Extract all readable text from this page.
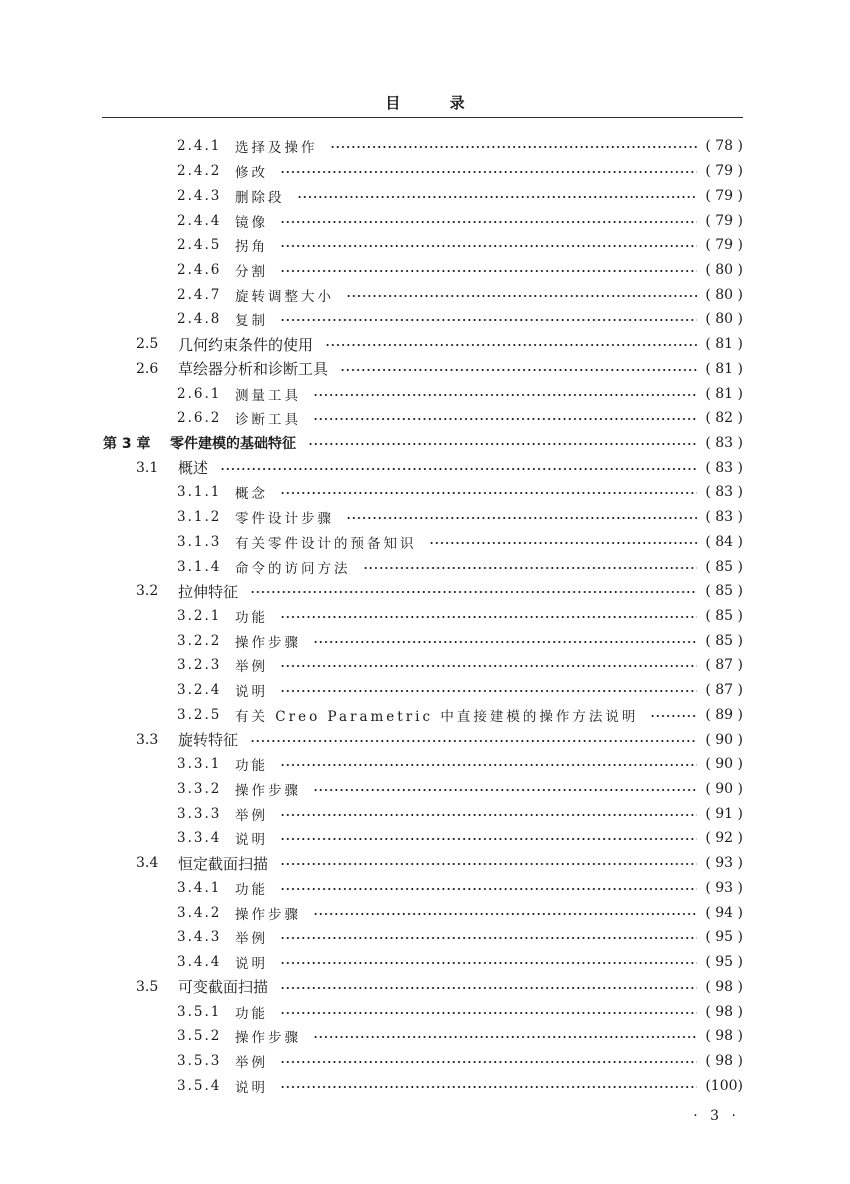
目 录
2.4.1 选择及操作	( 78 )
2.4.2 修改	( 79 )
2.4.3 删除段	( 79 )
2.4.4 镜像	( 79 )
2.4.5 拐角	( 79 )
2.4.6 分割	( 80 )
2.4.7 旋转调整大小	( 80 )
2.4.8 复制	( 80 )
2.5 几何约束条件的使用	( 81 )
2.6 草绘器分析和诊断工具	( 81 )
2.6.1 测量工具	( 81 )
2.6.2 诊断工具	( 82 )
第 3 章 零件建模的基础特征	( 83 )
3.1 概述	( 83 )
3.1.1 概念	( 83 )
3.1.2 零件设计步骤	( 83 )
3.1.3 有关零件设计的预备知识	( 84 )
3.1.4 命令的访问方法	( 85 )
3.2 拉伸特征	( 85 )
3.2.1 功能	( 85 )
3.2.2 操作步骤	( 85 )
3.2.3 举例	( 87 )
3.2.4 说明	( 87 )
3.2.5 有关 Creo Parametric 中直接建模的操作方法说明	( 89 )
3.3 旋转特征	( 90 )
3.3.1 功能	( 90 )
3.3.2 操作步骤	( 90 )
3.3.3 举例	( 91 )
3.3.4 说明	( 92 )
3.4 恒定截面扫描	( 93 )
3.4.1 功能	( 93 )
3.4.2 操作步骤	( 94 )
3.4.3 举例	( 95 )
3.4.4 说明	( 95 )
3.5 可变截面扫描	( 98 )
3.5.1 功能	( 98 )
3.5.2 操作步骤	( 98 )
3.5.3 举例	( 98 )
3.5.4 说明	(100)
· 3 ·
